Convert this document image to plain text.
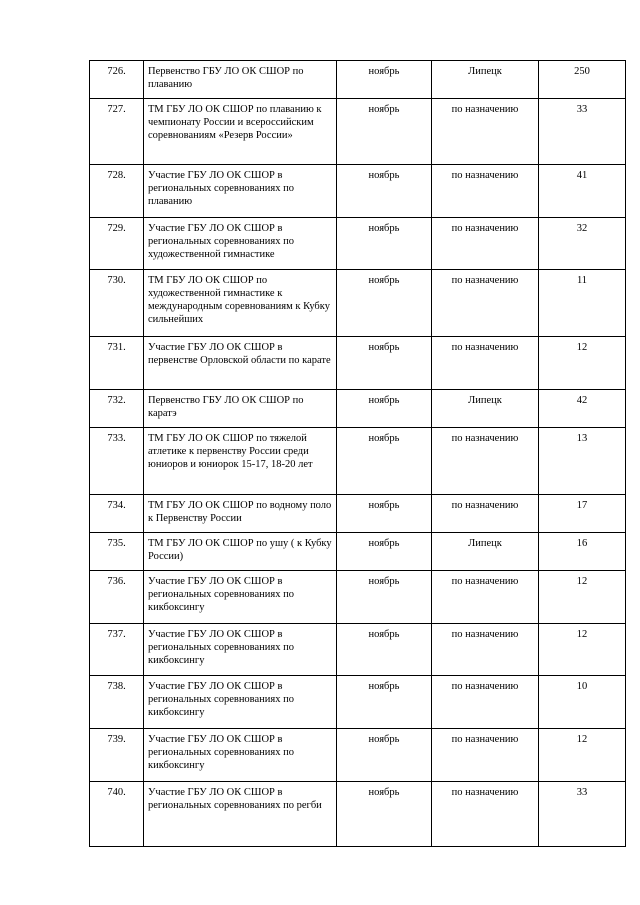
726.	Первенство ГБУ ЛО ОК СШОР по плаванию	ноябрь	Липецк	250
727.	ТМ ГБУ ЛО ОК СШОР по плаванию к чемпионату России и всероссийским соревнованиям «Резерв России»	ноябрь	по назначению	33
728.	Участие ГБУ ЛО ОК СШОР в региональных соревнованиях по плаванию	ноябрь	по назначению	41
729.	Участие ГБУ ЛО ОК СШОР в региональных соревнованиях по художественной гимнастике	ноябрь	по назначению	32
730.	ТМ ГБУ ЛО ОК СШОР по художественной гимнастике к международным соревнованиям к Кубку сильнейших	ноябрь	по назначению	11
731.	Участие ГБУ ЛО ОК СШОР в первенстве Орловской области по карате	ноябрь	по назначению	12
732.	Первенство ГБУ ЛО ОК СШОР по каратэ	ноябрь	Липецк	42
733.	ТМ ГБУ ЛО ОК СШОР по тяжелой атлетике к первенству России среди юниоров и юниорок 15-17, 18-20 лет	ноябрь	по назначению	13
734.	ТМ ГБУ ЛО ОК СШОР по водному поло к Первенству России	ноябрь	по назначению	17
735.	ТМ ГБУ ЛО ОК СШОР по ушу ( к Кубку России)	ноябрь	Липецк	16
736.	Участие ГБУ ЛО ОК СШОР в региональных соревнованиях по кикбоксингу	ноябрь	по назначению	12
737.	Участие ГБУ ЛО ОК СШОР в региональных соревнованиях по кикбоксингу	ноябрь	по назначению	12
738.	Участие ГБУ ЛО ОК СШОР в региональных соревнованиях по кикбоксингу	ноябрь	по назначению	10
739.	Участие ГБУ ЛО ОК СШОР в региональных соревнованиях по кикбоксингу	ноябрь	по назначению	12
740.	Участие ГБУ ЛО ОК СШОР в региональных соревнованиях по регби	ноябрь	по назначению	33
